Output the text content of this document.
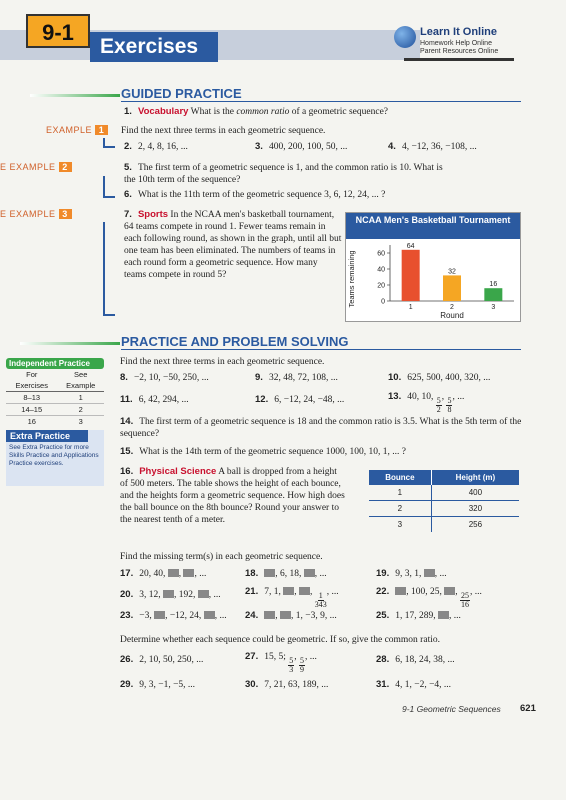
9-1
Exercises
Learn It Online
Homework Help Online
Parent Resources Online
GUIDED PRACTICE
1. Vocabulary What is the common ratio of a geometric sequence?
EXAMPLE 1	Find the next three terms in each geometric sequence.
2. 2, 4, 8, 16, ...	3. 400, 200, 100, 50, ...	4. 4, −12, 36, −108, ...
E EXAMPLE 2	5. The first term of a geometric sequence is 1, and the common ratio is 10. What is the 10th term of the sequence?
6. What is the 11th term of the geometric sequence 3, 6, 12, 24, ... ?
E EXAMPLE 3	7. Sports In the NCAA men's basketball tournament, 64 teams compete in round 1. Fewer teams remain in each following round, as shown in the graph, until all but one team has been eliminated. The numbers of teams in each round form a geometric sequence. How many teams compete in round 5?
NCAA Men's Basketball Tournament
Teams remaining	0
20
40
60
64
1
32
2
16
3
Round
PRACTICE AND PROBLEM SOLVING
Independent Practice
For	See
Exercises	Example
8–13	1
14–15	2
16	3
Extra Practice
See Extra Practice for more Skills Practice and Applications Practice exercises.
Find the next three terms in each geometric sequence.
8. −2, 10, −50, 250, ...	9. 32, 48, 72, 108, ...	10. 625, 500, 400, 320, ...
11. 6, 42, 294, ...	12. 6, −12, 24, −48, ...	13. 40, 10, $\frac{5}{2}$ , $\frac{5}{8}$ , ...
14. The first term of a geometric sequence is 18 and the common ratio is 3.5. What is the 5th term of the sequence?
15. What is the 14th term of the geometric sequence 1000, 100, 10, 1, ... ?
16. Physical Science A ball is dropped from a height of 500 meters. The table shows the height of each bounce, and the heights form a geometric sequence. How high does the ball bounce on the 8th bounce? Round your answer to the nearest tenth of a meter.
Bounce	Height (m)
1	400
2	320
3	256
Find the missing term(s) in each geometric sequence.
17. 20, 40, , , ...	18. , 6, 18, , ...	19. 9, 3, 1, , ...
20. 3, 12, , 192, , ...	21. 7, 1, , , $\frac{1}{343}$ , ...	22. , 100, 25, , $\frac{25}{16}$ , ...
23. −3, , −12, 24, , ... 24. , , 1, −3, 9, ...	25. 1, 17, 289, , ...
Determine whether each sequence could be geometric. If so, give the common ratio.
26. 2, 10, 50, 250, ...	27. 15, 5; $\frac{5}{3}$ , $\frac{5}{9}$ , ...	28. 6, 18, 24, 38, ...
29. 9, 3, −1, −5, ...	30. 7, 21, 63, 189, ...	31. 4, 1, −2, −4, ...
9-1 Geometric Sequences 621
